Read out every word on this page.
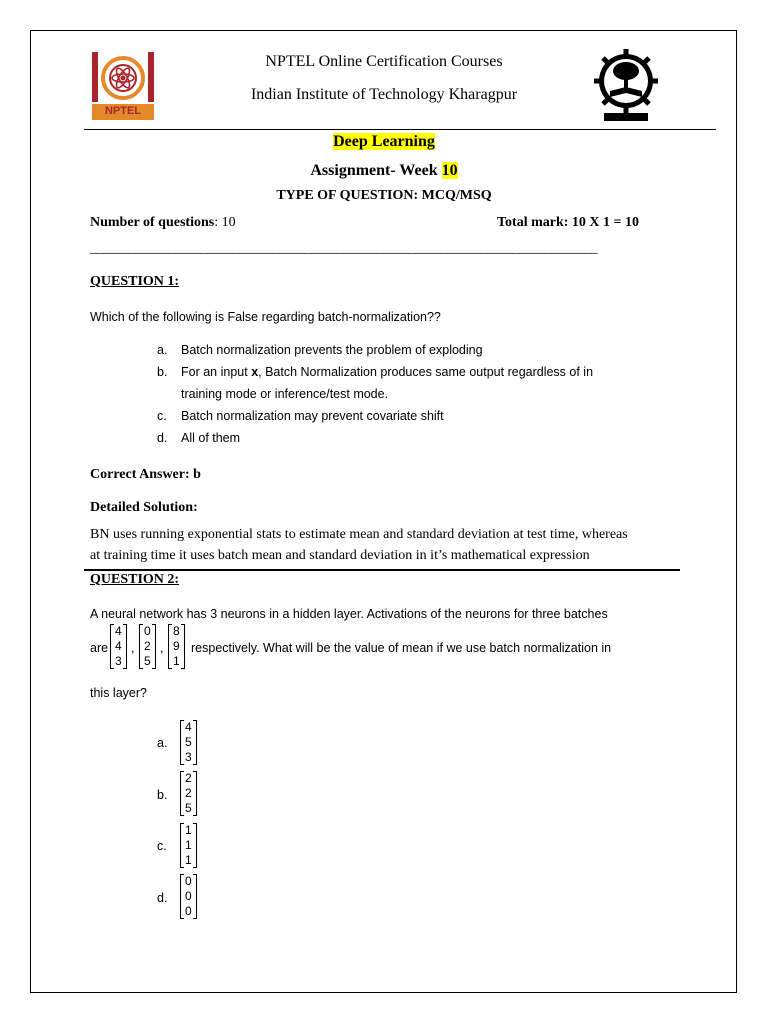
NPTEL
NPTEL Online Certification Courses
Indian Institute of Technology Kharagpur
Deep Learning
Assignment- Week 10
TYPE OF QUESTION: MCQ/MSQ
Number of questions: 10	Total mark: 10 X 1 = 10
______________________________________________________________________________
QUESTION 1:
Which of the following is False regarding batch-normalization??
a. Batch normalization prevents the problem of exploding
b. For an input x, Batch Normalization produces same output regardless of in
training mode or inference/test mode.
c. Batch normalization may prevent covariate shift
d. All of them
Correct Answer: b
Detailed Solution:
BN uses running exponential stats to estimate mean and standard deviation at test time, whereas
at training time it uses batch mean and standard deviation in it’s mathematical expression
QUESTION 2:
A neural network has 3 neurons in a hidden layer. Activations of the neurons for three batches
are
4
4
3
,
0
2
5
,
8
9
1
respectively. What will be the value of mean if we use batch normalization in
this layer?
a.
4
5
3
b.
2
2
5
c.
1
1
1
d.
0
0
0
